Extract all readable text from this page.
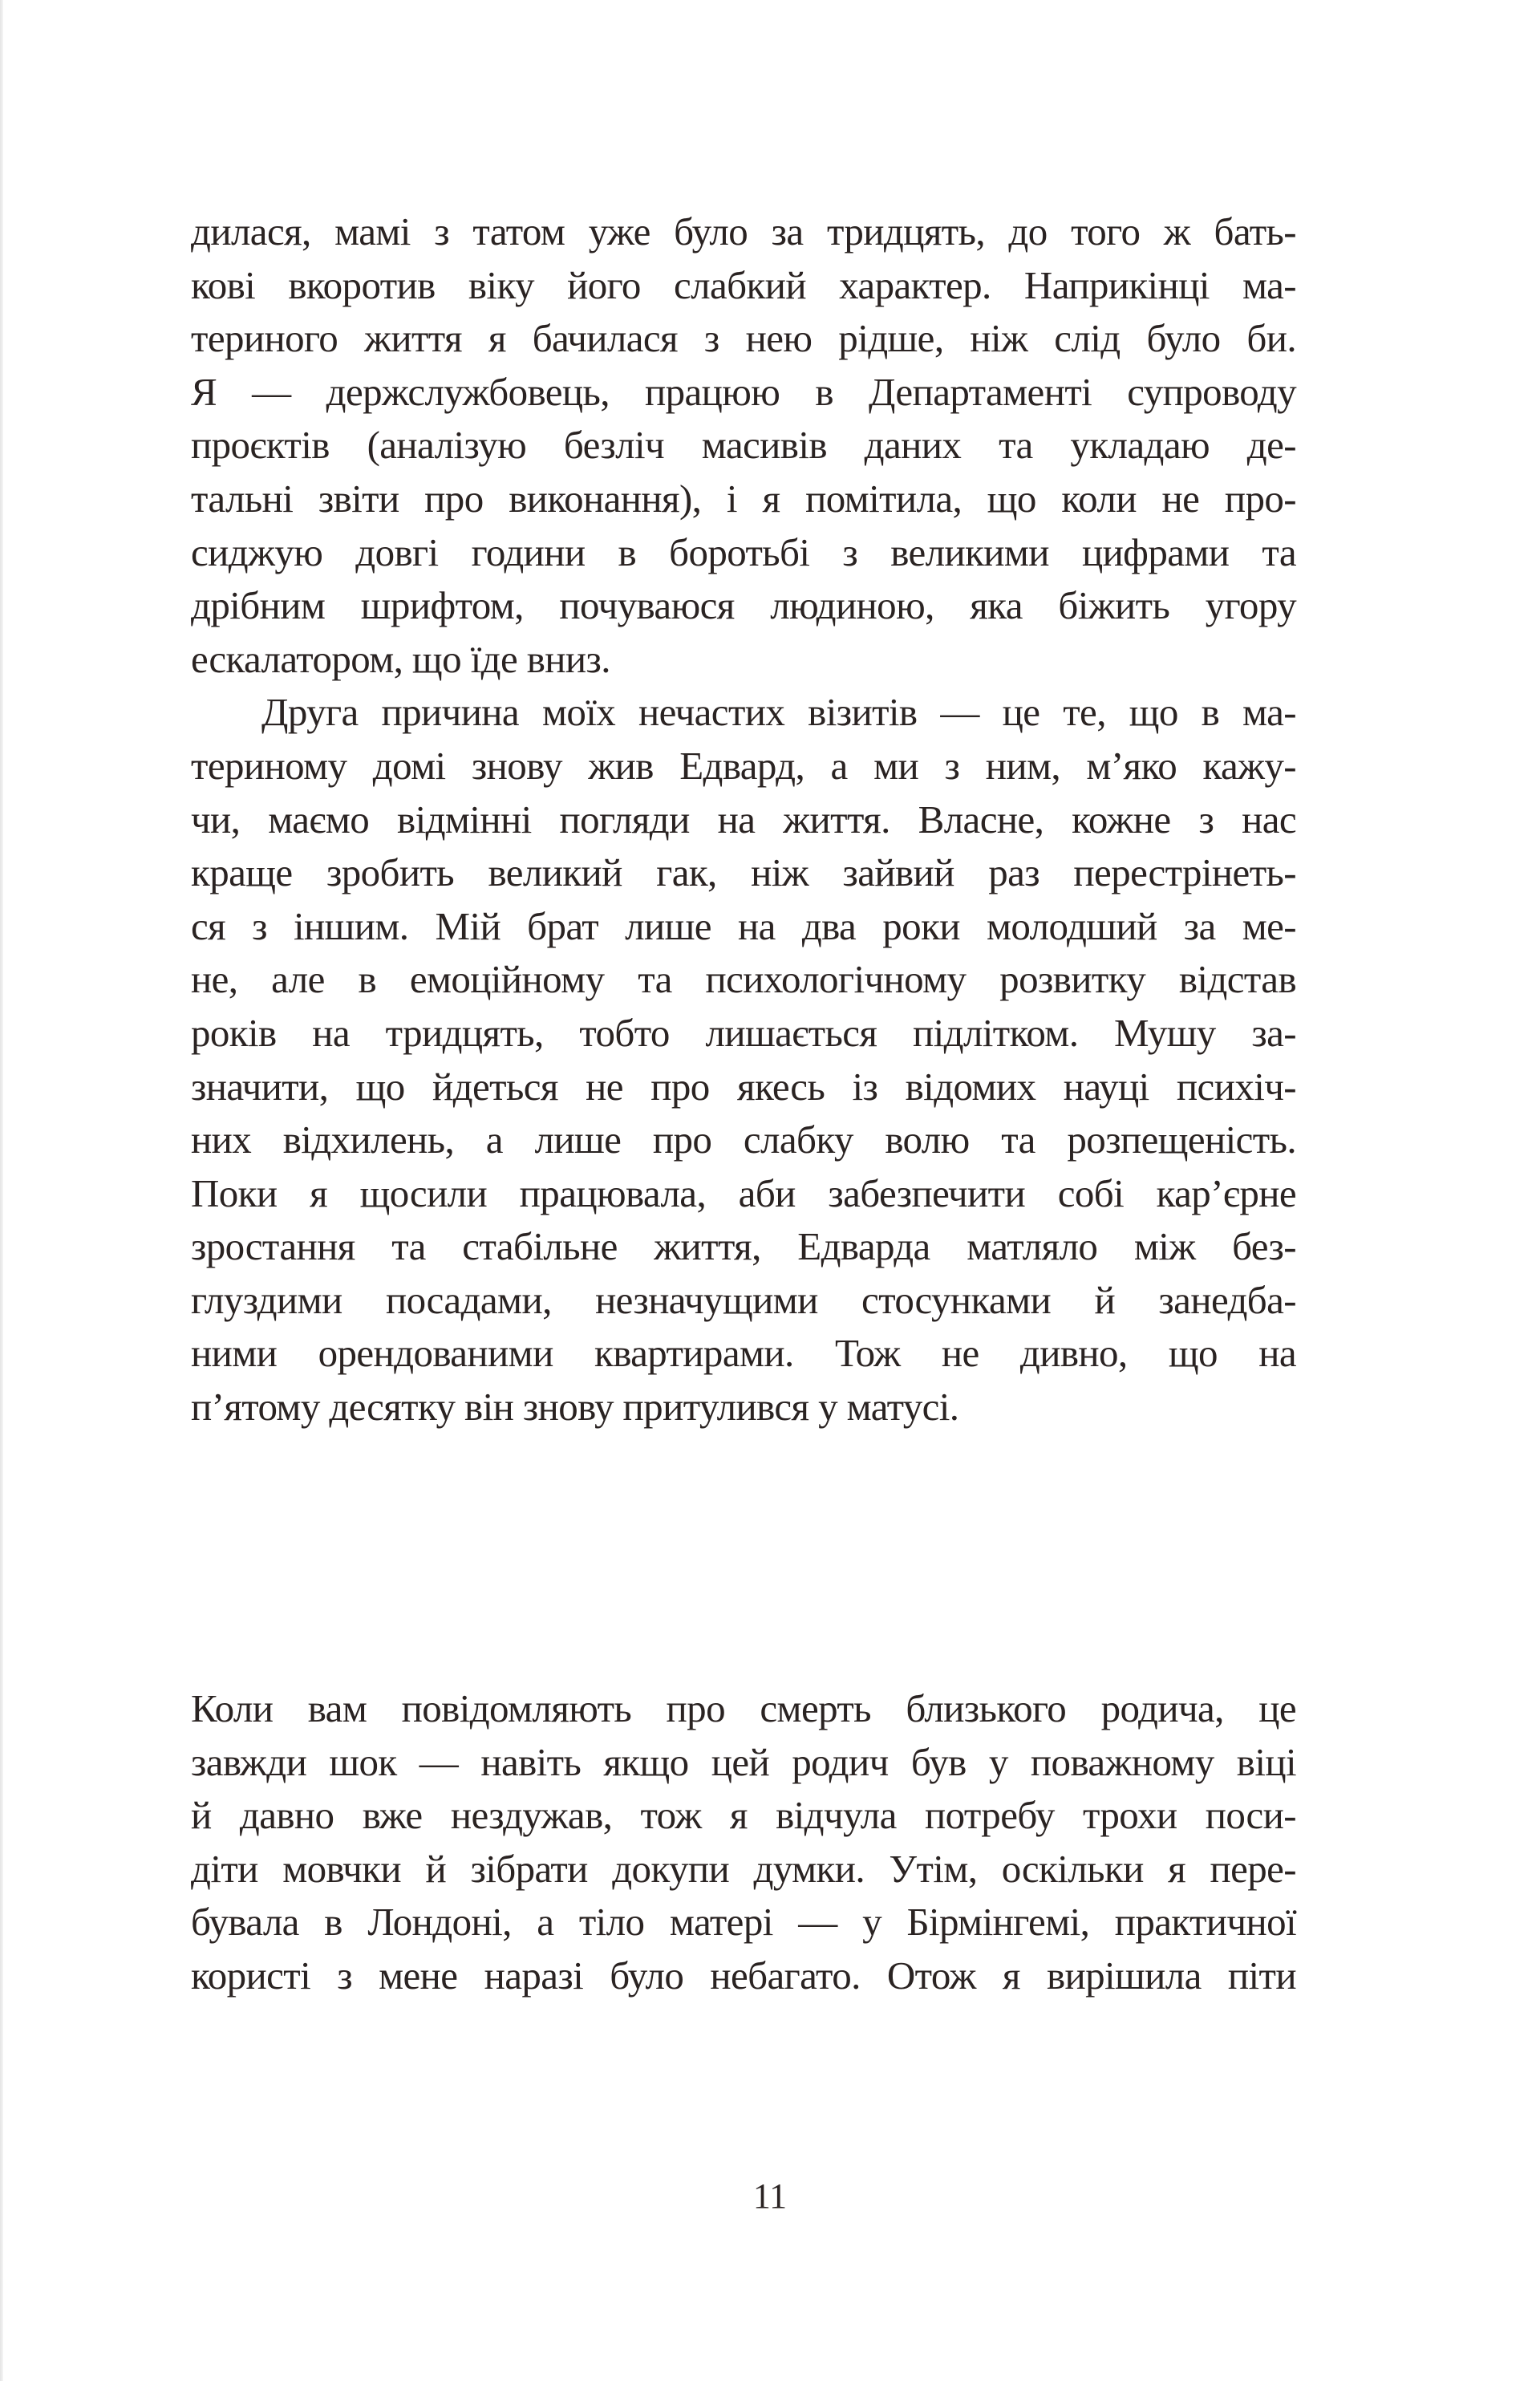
дилася, мамі з татом уже було за тридцять, до того ж бать-
кові вкоротив віку його слабкий характер. Наприкінці ма-
териного життя я бачилася з нею рідше, ніж слід було би.
Я — держслужбовець, працюю в Департаменті супроводу
проєктів (аналізую безліч масивів даних та укладаю де-
тальні звіти про виконання), і я помітила, що коли не про-
сиджую довгі години в боротьбі з великими цифрами та
дрібним шрифтом, почуваюся людиною, яка біжить угору
ескалатором, що їде вниз.
Друга причина моїх нечастих візитів — це те, що в ма-
териному домі знову жив Едвард, а ми з ним, м’яко кажу-
чи, маємо відмінні погляди на життя. Власне, кожне з нас
краще зробить великий гак, ніж зайвий раз перестрінеть-
ся з іншим. Мій брат лише на два роки молодший за ме-
не, але в емоційному та психологічному розвитку відстав
років на тридцять, тобто лишається підлітком. Мушу за-
значити, що йдеться не про якесь із відомих науці психіч-
них відхилень, а лише про слабку волю та розпещеність.
Поки я щосили працювала, аби забезпечити собі кар’єрне
зростання та стабільне життя, Едварда матляло між без-
глуздими посадами, незначущими стосунками й занедба-
ними орендованими квартирами. Тож не дивно, що на
п’ятому десятку він знову притулився у матусі.
Коли вам повідомляють про смерть близького родича, це
завжди шок — навіть якщо цей родич був у поважному віці
й давно вже нездужав, тож я відчула потребу трохи поси-
діти мовчки й зібрати докупи думки. Утім, оскільки я пере-
бувала в Лондоні, а тіло матері — у Бірмінгемі, практичної
користі з мене наразі було небагато. Отож я вирішила піти
11
